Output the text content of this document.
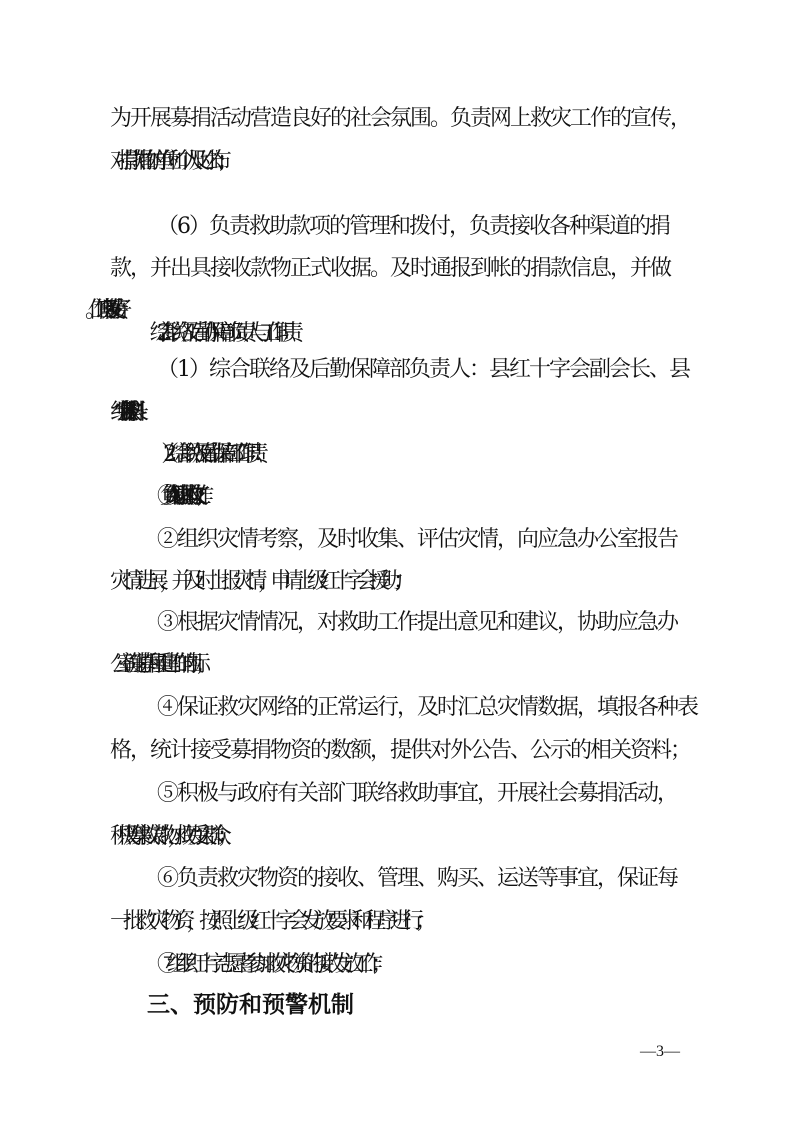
为开展募捐活动营造良好的社会氛围。负责网上救灾工作的宣传，
对捐款捐物的单位和个人及时公布；
（6）负责救助款项的管理和拨付，负责接收各种渠道的捐
款，并出具接收款物正式收据。及时通报到帐的捐款信息，并做
2.综合联络及后勤保障部负责人与工作职责
（1）综合联络及后勤保障部负责人：县红十字会副会长、县
红十字会赈济救护科科长。
（2）综合联络及后勤保障部工作职责：
①负责组织协调具体的救灾工作；
②组织灾情考察，及时收集、评估灾情，向应急办公室报告
灾情进展，并及时上报灾情，申请上级红十字会援助；
③根据灾情情况，对救助工作提出意见和建议，协助应急办
公室确定募捐和重建工作的目标；
④保证救灾网络的正常运行，及时汇总灾情数据，填报各种表
格，统计接受募捐物资的数额，提供对外公告、公示的相关资料；
⑤积极与政府有关部门联络救助事宜，开展社会募捐活动，
积极筹集救灾款物，救助受灾群众；
⑥负责救灾物资的接收、管理、购买、运送等事宜，保证每
一批救灾物资，按照上级红十字会发放要求和程序进行；
⑦组织红十字志愿者参加救灾物资的接收发放工作；
三、预防和预警机制
—3—
